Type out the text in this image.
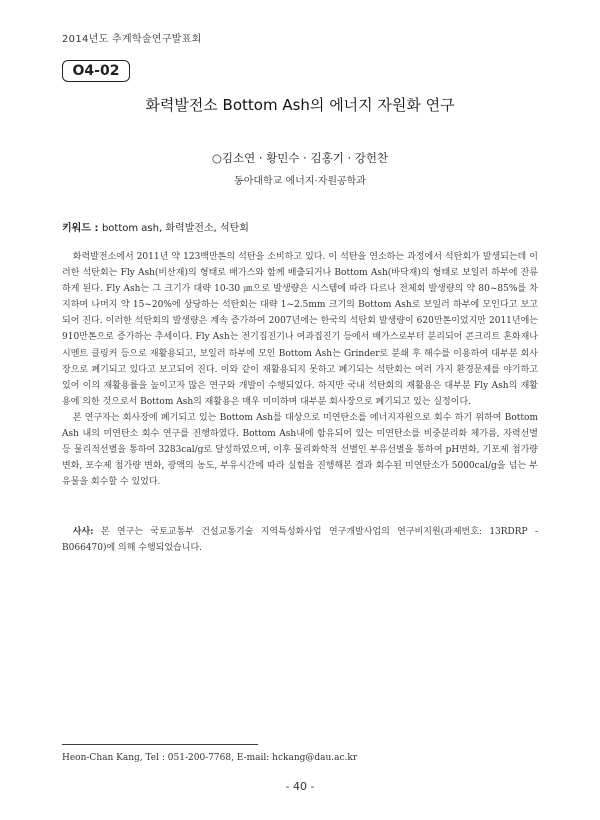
2014년도 추계학술연구발표회
O4-02
화력발전소 Bottom Ash의 에너지 자원화 연구
○김소연 · 황민수 · 김홍기 · 강헌찬
동아대학교 에너지·자원공학과
키워드 : bottom ash, 화력발전소, 석탄회

화력발전소에서 2011년 약 123백만톤의 석탄을 소비하고 있다. 이 석탄을 연소하는 과정에서 석탄회가 발생되는데 이러한 석탄회는 Fly Ash(비산재)의 형태로 배가스와 함께 배출되거나 Bottom Ash(바닥재)의 형태로 보일러 하부에 잔류하게 된다. Fly Ash는 그 크기가 대략 10-30 ㎛으로 발생량은 시스템에 따라 다르나 전체회 발생량의 약 80~85%를 차지하며 나머지 약 15~20%에 상당하는 석탄회는 대략 1~2.5mm 크기의 Bottom Ash로 보일러 하부에 모인다고 보고되어 진다. 이러한 석탄회의 발생량은 계속 증가하여 2007년에는 한국의 석탄회 발생량이 620만톤이었지만 2011년에는 910만톤으로 증가하는 추세이다. Fly Ash는 전기집진기나 여과집진기 등에서 배가스로부터 분리되어 콘크리트 혼화재나 시멘트 클링커 등으로 재활용되고, 보일러 하부에 모인 Bottom Ash는 Grinder로 분쇄 후 해수를 이용하여 대부분 회사장으로 폐기되고 있다고 보고되어 진다. 이와 같이 재활용되지 못하고 폐기되는 석탄회는 여러 가지 환경문제를 야기하고 있어 이의 재활용률을 높이고자 많은 연구와 개발이 수행되었다. 하지만 국내 석탄회의 재활용은 대부분 Fly Ash의 재활용에 의한 것으로서 Bottom Ash의 재활용은 매우 미미하며 대부분 회사장으로 폐기되고 있는 실정이다.

본 연구자는 회사장에 폐기되고 있는 Bottom Ash를 대상으로 미연탄소를 에너지자원으로 회수 하기 위하여 Bottom Ash 내의 미연탄소 회수 연구를 진행하였다. Bottom Ash내에 함유되어 있는 미연탄소를 비중분리화 체가름, 자력선별 등 물리적선별을 통하여 3283cal/g로 달성하였으며, 이후 물리화학적 선별인 부유선별을 통하여 pH변화, 기포제 첨가량 변화, 포수제 첨가량 변화, 광액의 농도, 부유시간에 따라 실험을 진행해본 결과 회수된 미연탄소가 5000cal/g을 넘는 부유물을 회수할 수 있었다.

사사: 본 연구는 국토교통부 건설교통기술 지역특성화사업 연구개발사업의 연구비지원(과제번호: 13RDRP - B066470)에 의해 수행되었습니다.
Heon-Chan Kang, Tel : 051-200-7768, E-mail: hckang@dau.ac.kr
- 40 -
